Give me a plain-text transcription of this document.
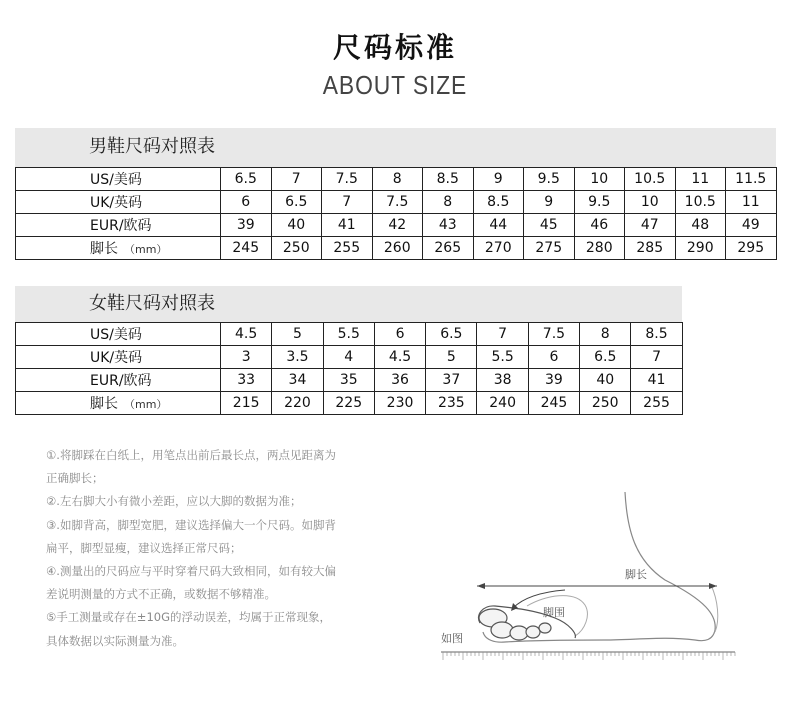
尺码标准
ABOUT SIZE
男鞋尺码对照表
US/美码	6.5	7	7.5	8	8.5	9	9.5	10	10.5	11	11.5
UK/英码	6	6.5	7	7.5	8	8.5	9	9.5	10	10.5	11
EUR/欧码	39	40	41	42	43	44	45	46	47	48	49
脚长 （mm）	245	250	255	260	265	270	275	280	285	290	295
女鞋尺码对照表
US/美码	4.5	5	5.5	6	6.5	7	7.5	8	8.5
UK/英码	3	3.5	4	4.5	5	5.5	6	6.5	7
EUR/欧码	33	34	35	36	37	38	39	40	41
脚长 （mm）	215	220	225	230	235	240	245	250	255

①.将脚踩在白纸上，用笔点出前后最长点，两点见距离为

正确脚长；

②.左右脚大小有微小差距，应以大脚的数据为准；

③.如脚背高，脚型宽肥，建议选择偏大一个尺码。如脚背

扁平，脚型显瘦，建议选择正常尺码；

④.测量出的尺码应与平时穿着尺码大致相同，如有较大偏

差说明测量的方式不正确，或数据不够精准。

⑤手工测量或存在±10G的浮动误差，均属于正常现象，

具体数据以实际测量为准。

脚长
脚围
如图
